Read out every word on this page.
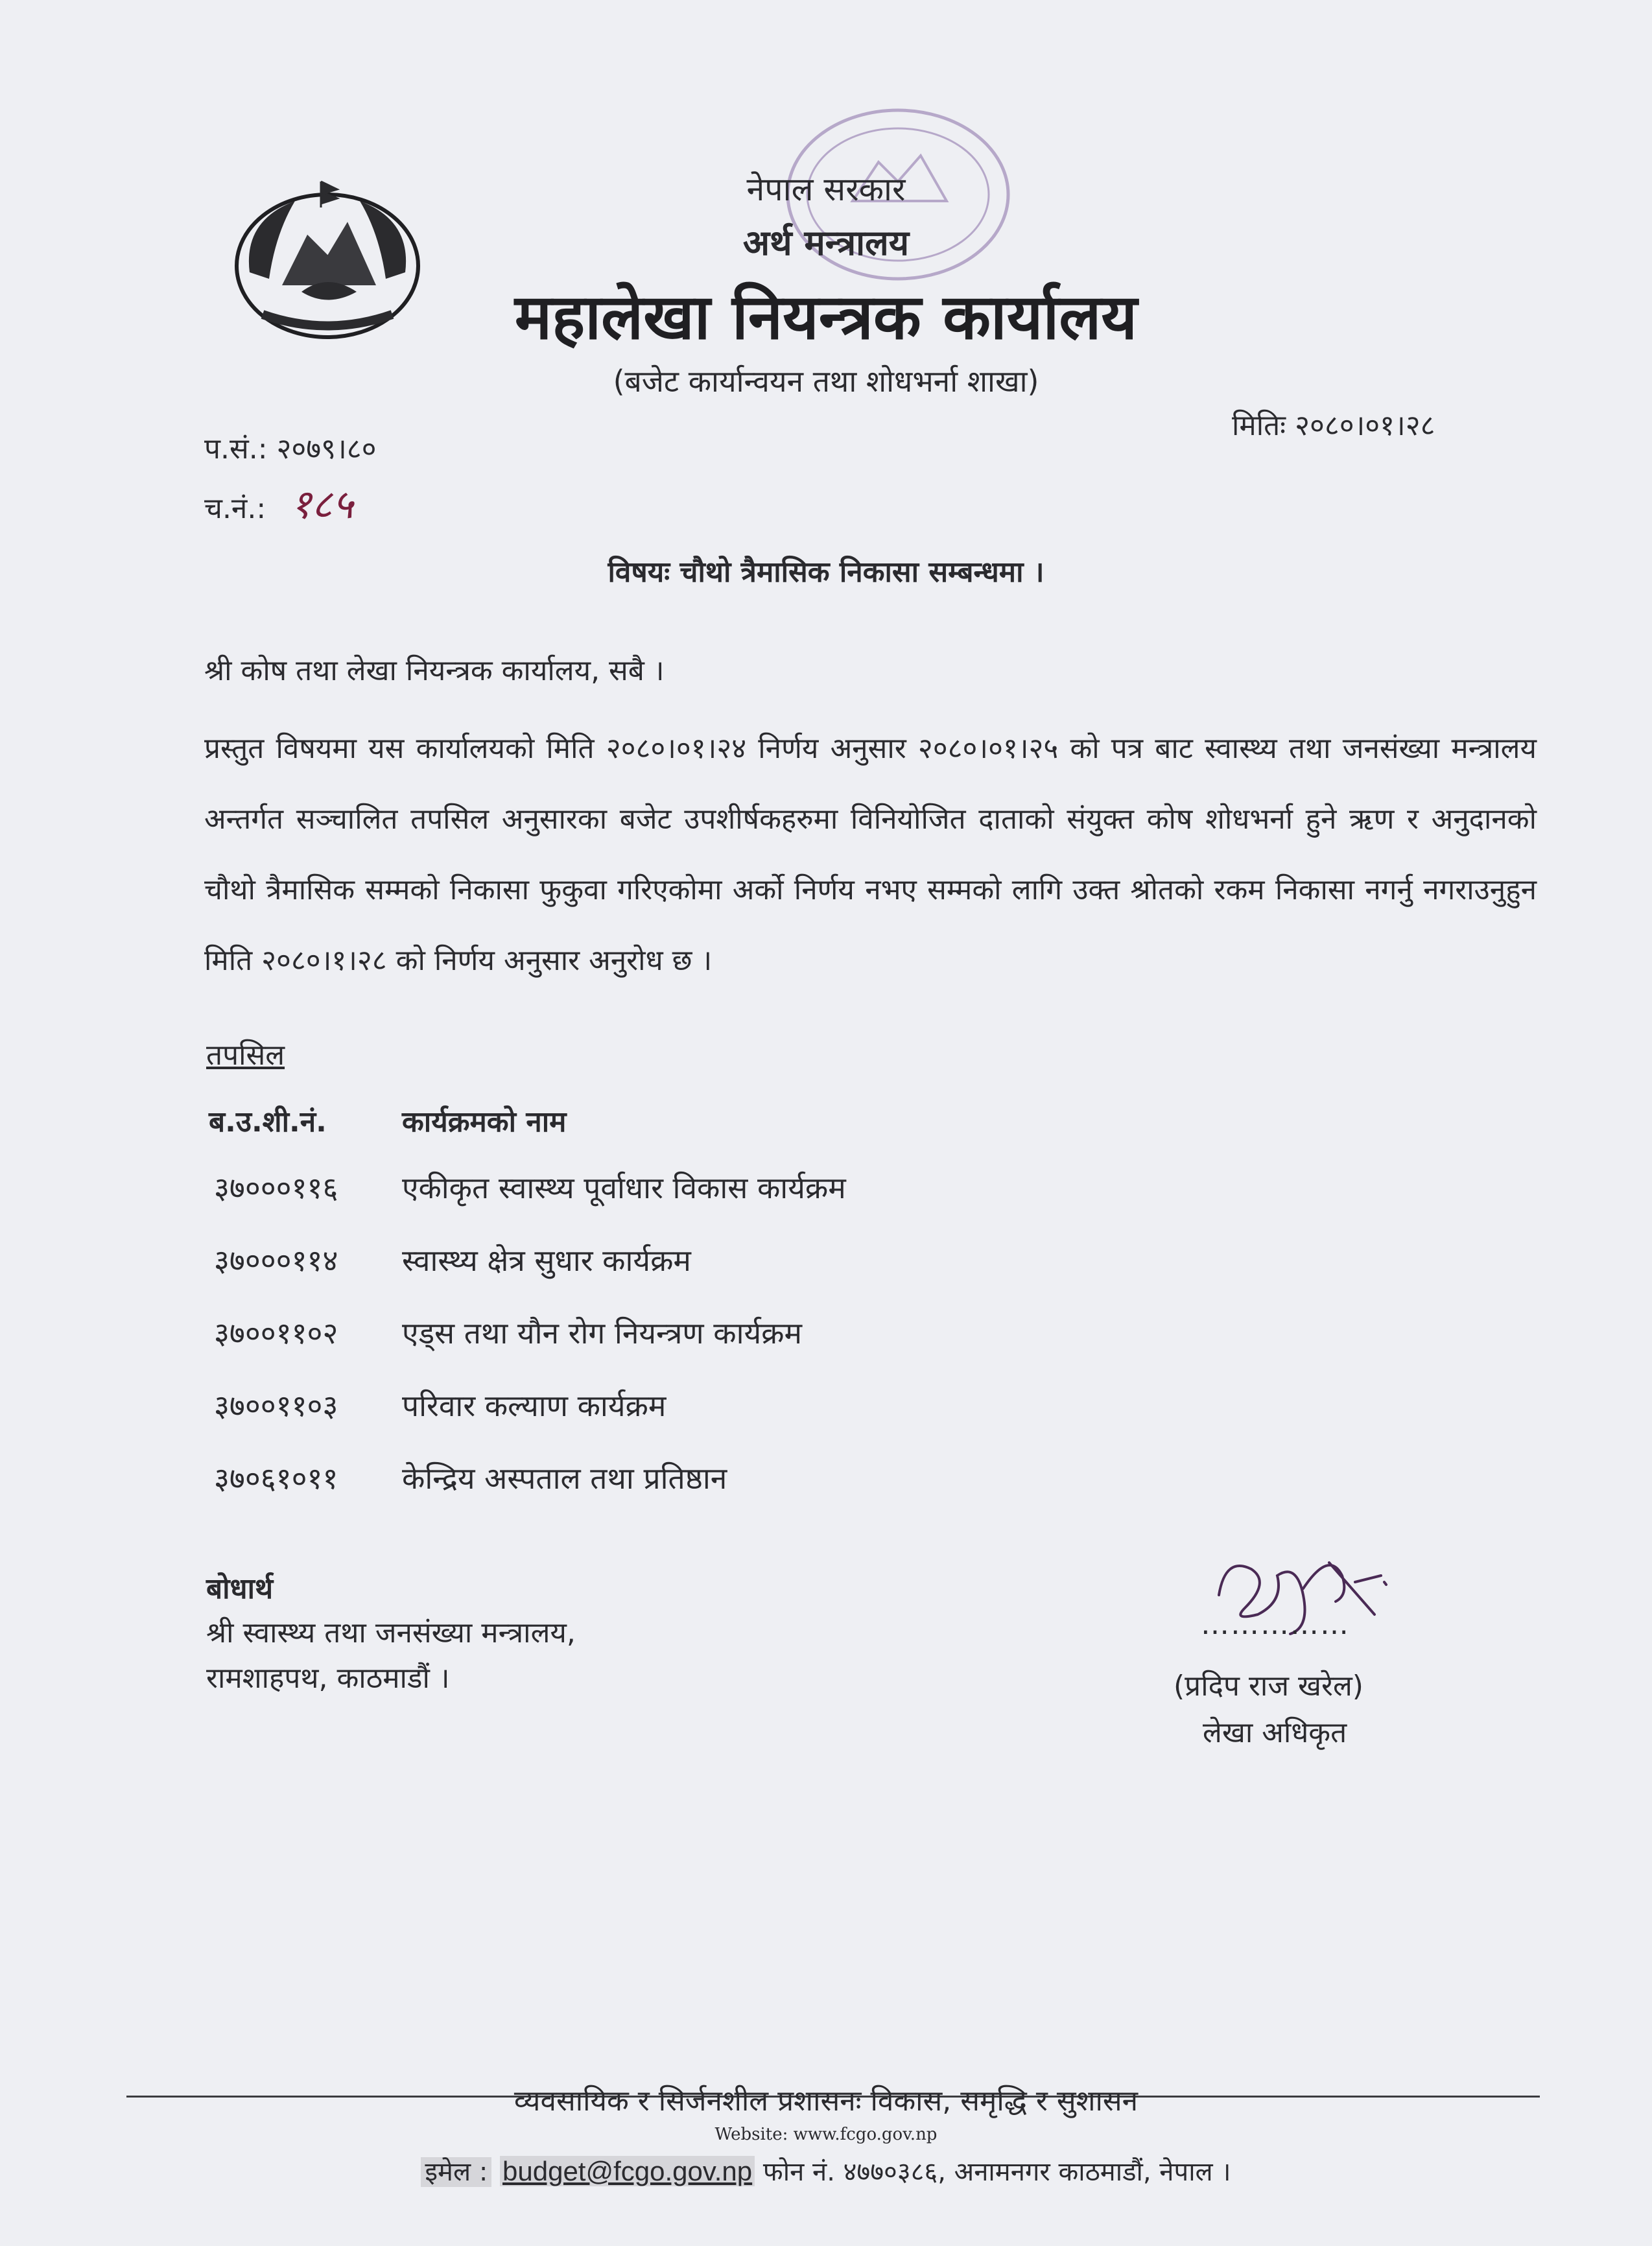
नेपाल सरकार
अर्थ मन्त्रालय
महालेखा नियन्त्रक कार्यालय
(बजेट कार्यान्वयन तथा शोधभर्ना शाखा)
मितिः २०८०।०१।२८
प.सं.: २०७९।८०
च.नं.: १८५
विषयः चौथो त्रैमासिक निकासा सम्बन्धमा ।
श्री कोष तथा लेखा नियन्त्रक कार्यालय, सबै ।
प्रस्तुत विषयमा यस कार्यालयको मिति २०८०।०१।२४ निर्णय अनुसार २०८०।०१।२५ को पत्र बाट स्वास्थ्य तथा जनसंख्या मन्त्रालय अन्तर्गत सञ्चालित तपसिल अनुसारका बजेट उपशीर्षकहरुमा विनियोजित दाताको संयुक्त कोष शोधभर्ना हुने ऋण र अनुदानको चौथो त्रैमासिक सम्मको निकासा फुकुवा गरिएकोमा अर्को निर्णय नभए सम्मको लागि उक्त श्रोतको रकम निकासा नगर्नु नगराउनुहुन मिति २०८०।१।२८ को निर्णय अनुसार अनुरोध छ ।
तपसिल
ब.उ.शी.नं.	कार्यक्रमको नाम
३७०००११६ एकीकृत स्वास्थ्य पूर्वाधार विकास कार्यक्रम
३७०००११४ स्वास्थ्य क्षेत्र सुधार कार्यक्रम
३७००११०२ एड्स तथा यौन रोग नियन्त्रण कार्यक्रम
३७००११०३ परिवार कल्याण कार्यक्रम
३७०६१०११ केन्द्रिय अस्पताल तथा प्रतिष्ठान
बोधार्थ
श्री स्वास्थ्य तथा जनसंख्या मन्त्रालय,
रामशाहपथ, काठमाडौं ।
……………
(प्रदिप राज खरेल)
लेखा अधिकृत
व्यवसायिक र सिर्जनशील प्रशासनः विकास, समृद्धि र सुशासन
Website: www.fcgo.gov.np
इमेल : budget@fcgo.gov.np फोन नं. ४७७०३८६, अनामनगर काठमाडौं, नेपाल ।
